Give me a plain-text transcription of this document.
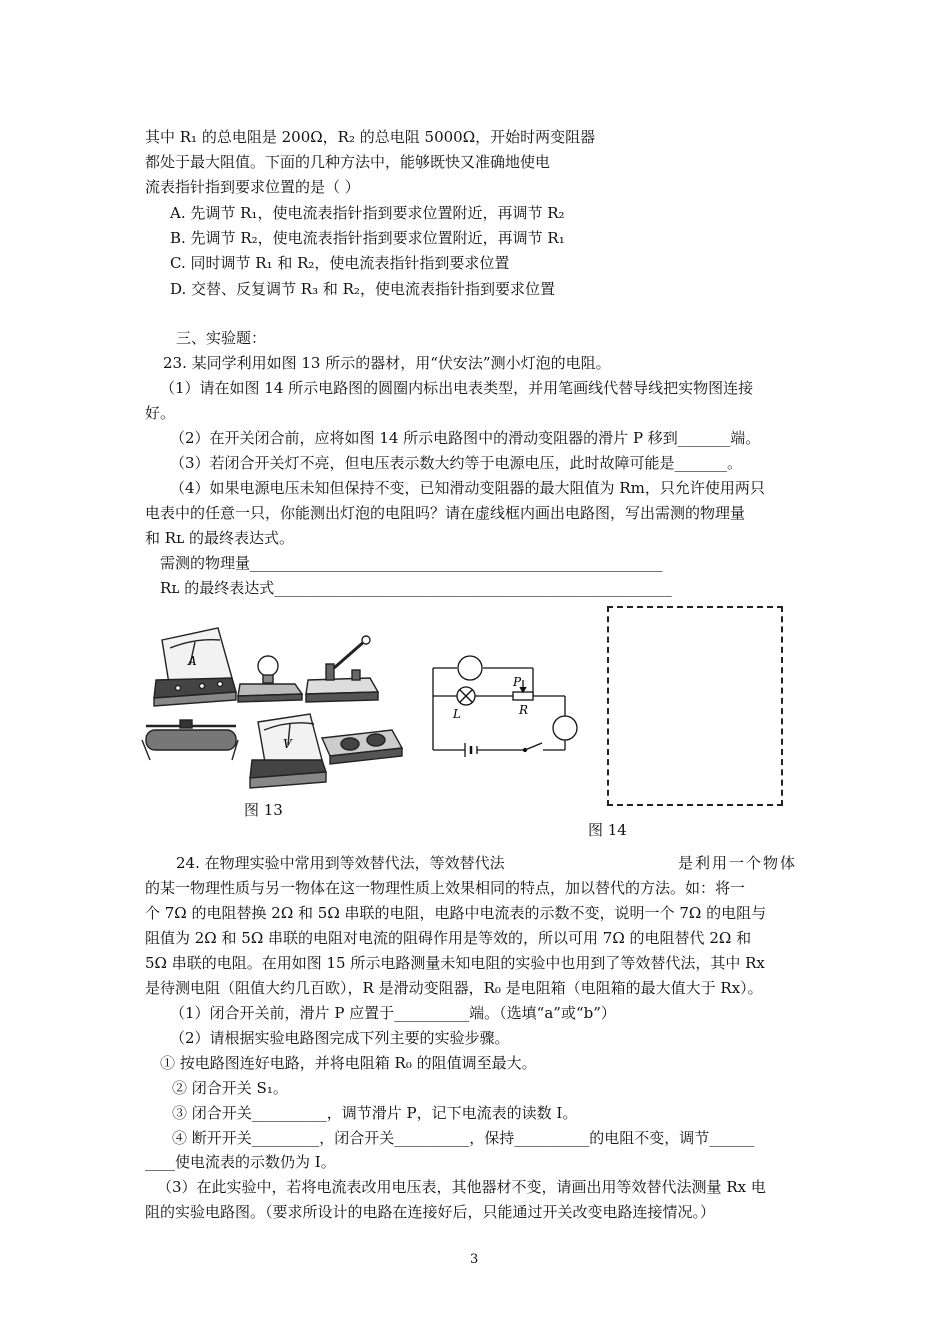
其中 R₁ 的总电阻是 200Ω，R₂ 的总电阻 5000Ω，开始时两变阻器
都处于最大阻值。下面的几种方法中，能够既快又准确地使电
流表指针指到要求位置的是（ ）
A. 先调节 R₁，使电流表指针指到要求位置附近，再调节 R₂
B. 先调节 R₂，使电流表指针指到要求位置附近，再调节 R₁
C. 同时调节 R₁ 和 R₂，使电流表指针指到要求位置
D. 交替、反复调节 R₃ 和 R₂，使电流表指针指到要求位置
三、实验题：
23. 某同学利用如图 13 所示的器材，用“伏安法”测小灯泡的电阻。
（1）请在如图 14 所示电路图的圆圈内标出电表类型，并用笔画线代替导线把实物图连接
好。
（2）在开关闭合前，应将如图 14 所示电路图中的滑动变阻器的滑片 P 移到_______端。
（3）若闭合开关灯不亮，但电压表示数大约等于电源电压，此时故障可能是_______。
（4）如果电源电压未知但保持不变，已知滑动变阻器的最大阻值为 Rm，只允许使用两只
电表中的任意一只，你能测出灯泡的电阻吗？请在虚线框内画出电路图，写出需测的物理量
和 Rʟ 的最终表达式。
需测的物理量_______________________________________________________
Rʟ 的最终表达式_____________________________________________________
A
V
图 13
L
P
R
图 14
24. 在物理实验中常用到等效替代法，等效替代法	是利用一个物体
的某一物理性质与另一物体在这一物理性质上效果相同的特点，加以替代的方法。如：将一
个 7Ω 的电阻替换 2Ω 和 5Ω 串联的电阻，电路中电流表的示数不变，说明一个 7Ω 的电阻与
阻值为 2Ω 和 5Ω 串联的电阻对电流的阻碍作用是等效的，所以可用 7Ω 的电阻替代 2Ω 和
5Ω 串联的电阻。在用如图 15 所示电路测量未知电阻的实验中也用到了等效替代法，其中 Rx
是待测电阻（阻值大约几百欧），R 是滑动变阻器，R₀ 是电阻箱（电阻箱的最大值大于 Rx）。
（1）闭合开关前，滑片 P 应置于__________端。（选填“a”或“b”）
（2）请根据实验电路图完成下列主要的实验步骤。
① 按电路图连好电路，并将电阻箱 R₀ 的阻值调至最大。
② 闭合开关 S₁。
③ 闭合开关__________，调节滑片 P，记下电流表的读数 I。
④ 断开开关_________，闭合开关__________，保持__________的电阻不变，调节______
____使电流表的示数仍为 I。
（3）在此实验中，若将电流表改用电压表，其他器材不变，请画出用等效替代法测量 Rx 电
阻的实验电路图。（要求所设计的电路在连接好后，只能通过开关改变电路连接情况。）
3
